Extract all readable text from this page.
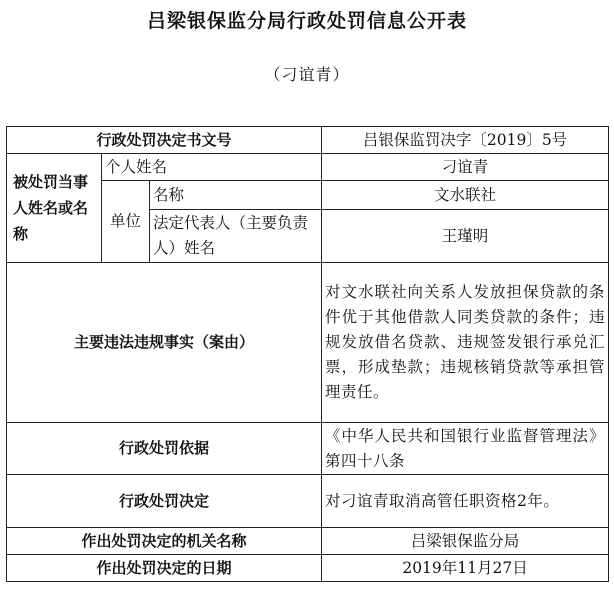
吕梁银保监分局行政处罚信息公开表
（刁谊青）
行政处罚决定书文号			吕银保监罚决字〔2019〕5号
被处罚当事人姓名或名称	个人姓名		刁谊青
	单位	名称	文水联社
		法定代表人（主要负责人）姓名	王瑾明
主要违法违规事实（案由）			对文水联社向关系人发放担保贷款的条件优于其他借款人同类贷款的条件；违规发放借名贷款、违规签发银行承兑汇票，形成垫款；违规核销贷款等承担管理责任。
行政处罚依据			《中华人民共和国银行业监督管理法》第四十八条
行政处罚决定			对刁谊青取消高管任职资格2年。
作出处罚决定的机关名称			吕梁银保监分局
作出处罚决定的日期			2019年11月27日
